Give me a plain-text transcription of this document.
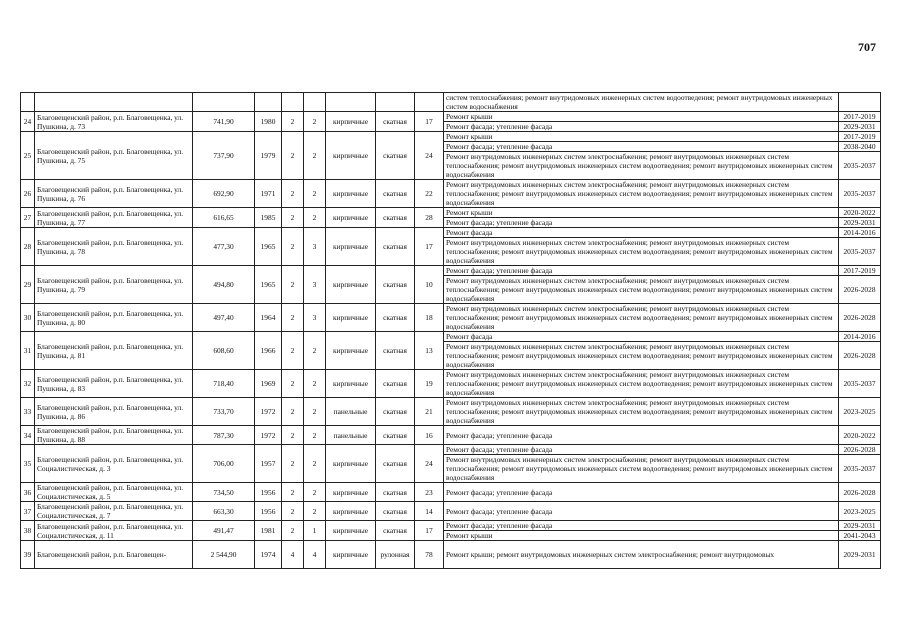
707
									систем теплоснабжения; ремонт внутридомовых инженерных систем водоотведения; ремонт внутридомовых инженерных систем водоснабжения	
24	Благовещенский район, р.п. Благовещенка, ул. Пушкина, д. 73	741,90	1980	2	2	кирпичные	скатная	17	Ремонт крыши	2017-2019
									Ремонт фасада; утепление фасада	2029-2031
25	Благовещенский район, р.п. Благовещенка, ул. Пушкина, д. 75	737,90	1979	2	2	кирпичные	скатная	24	Ремонт крыши	2017-2019
									Ремонт фасада; утепление фасада	2038-2040
									Ремонт внутридомовых инженерных систем электроснабжения; ремонт внутридомовых инженерных систем теплоснабжения; ремонт внутридомовых инженерных систем водоотведения; ремонт внутридомовых инженерных систем водоснабжения	2035-2037
26	Благовещенский район, р.п. Благовещенка, ул. Пушкина, д. 76	692,90	1971	2	2	кирпичные	скатная	22	Ремонт внутридомовых инженерных систем электроснабжения; ремонт внутридомовых инженерных систем теплоснабжения; ремонт внутридомовых инженерных систем водоотведения; ремонт внутридомовых инженерных систем водоснабжения	2035-2037
27	Благовещенский район, р.п. Благовещенка, ул. Пушкина, д. 77	616,65	1985	2	2	кирпичные	скатная	28	Ремонт крыши	2020-2022
									Ремонт фасада; утепление фасада	2029-2031
28	Благовещенский район, р.п. Благовещенка, ул. Пушкина, д. 78	477,30	1965	2	3	кирпичные	скатная	17	Ремонт фасада	2014-2016
									Ремонт внутридомовых инженерных систем электроснабжения; ремонт внутридомовых инженерных систем теплоснабжения; ремонт внутридомовых инженерных систем водоотведения; ремонт внутридомовых инженерных систем водоснабжения	2035-2037
29	Благовещенский район, р.п. Благовещенка, ул. Пушкина, д. 79	494,80	1965	2	3	кирпичные	скатная	10	Ремонт фасада; утепление фасада	2017-2019
									Ремонт внутридомовых инженерных систем электроснабжения; ремонт внутридомовых инженерных систем теплоснабжения; ремонт внутридомовых инженерных систем водоотведения; ремонт внутридомовых инженерных систем водоснабжения	2026-2028
30	Благовещенский район, р.п. Благовещенка, ул. Пушкина, д. 80	497,40	1964	2	3	кирпичные	скатная	18	Ремонт внутридомовых инженерных систем электроснабжения; ремонт внутридомовых инженерных систем теплоснабжения; ремонт внутридомовых инженерных систем водоотведения; ремонт внутридомовых инженерных систем водоснабжения	2026-2028
31	Благовещенский район, р.п. Благовещенка, ул. Пушкина, д. 81	608,60	1966	2	2	кирпичные	скатная	13	Ремонт фасада	2014-2016
									Ремонт внутридомовых инженерных систем электроснабжения; ремонт внутридомовых инженерных систем теплоснабжения; ремонт внутридомовых инженерных систем водоотведения; ремонт внутридомовых инженерных систем водоснабжения	2026-2028
32	Благовещенский район, р.п. Благовещенка, ул. Пушкина, д. 83	718,40	1969	2	2	кирпичные	скатная	19	Ремонт внутридомовых инженерных систем электроснабжения; ремонт внутридомовых инженерных систем теплоснабжения; ремонт внутридомовых инженерных систем водоотведения; ремонт внутридомовых инженерных систем водоснабжения	2035-2037
33	Благовещенский район, р.п. Благовещенка, ул. Пушкина, д. 86	733,70	1972	2	2	панельные	скатная	21	Ремонт внутридомовых инженерных систем электроснабжения; ремонт внутридомовых инженерных систем теплоснабжения; ремонт внутридомовых инженерных систем водоотведения; ремонт внутридомовых инженерных систем водоснабжения	2023-2025
34	Благовещенский район, р.п. Благовещенка, ул. Пушкина, д. 88	787,30	1972	2	2	панельные	скатная	16	Ремонт фасада; утепление фасада	2020-2022
35	Благовещенский район, р.п. Благовещенка, ул. Социалистическая, д. 3	706,00	1957	2	2	кирпичные	скатная	24	Ремонт фасада; утепление фасада	2026-2028
									Ремонт внутридомовых инженерных систем электроснабжения; ремонт внутридомовых инженерных систем теплоснабжения; ремонт внутридомовых инженерных систем водоотведения; ремонт внутридомовых инженерных систем водоснабжения	2035-2037
36	Благовещенский район, р.п. Благовещенка, ул. Социалистическая, д. 5	734,50	1956	2	2	кирпичные	скатная	23	Ремонт фасада; утепление фасада	2026-2028
37	Благовещенский район, р.п. Благовещенка, ул. Социалистическая, д. 7	663,30	1956	2	2	кирпичные	скатная	14	Ремонт фасада; утепление фасада	2023-2025
38	Благовещенский район, р.п. Благовещенка, ул. Социалистическая, д. 11	491,47	1981	2	1	кирпичные	скатная	17	Ремонт фасада; утепление фасада	2029-2031
									Ремонт крыши	2041-2043
39	Благовещенский район, р.п. Благовещен-	2 544,90	1974	4	4	кирпичные	рулонная	78	Ремонт крыши; ремонт внутридомовых инженерных систем электроснабжения; ремонт внутридомовых	2029-2031
